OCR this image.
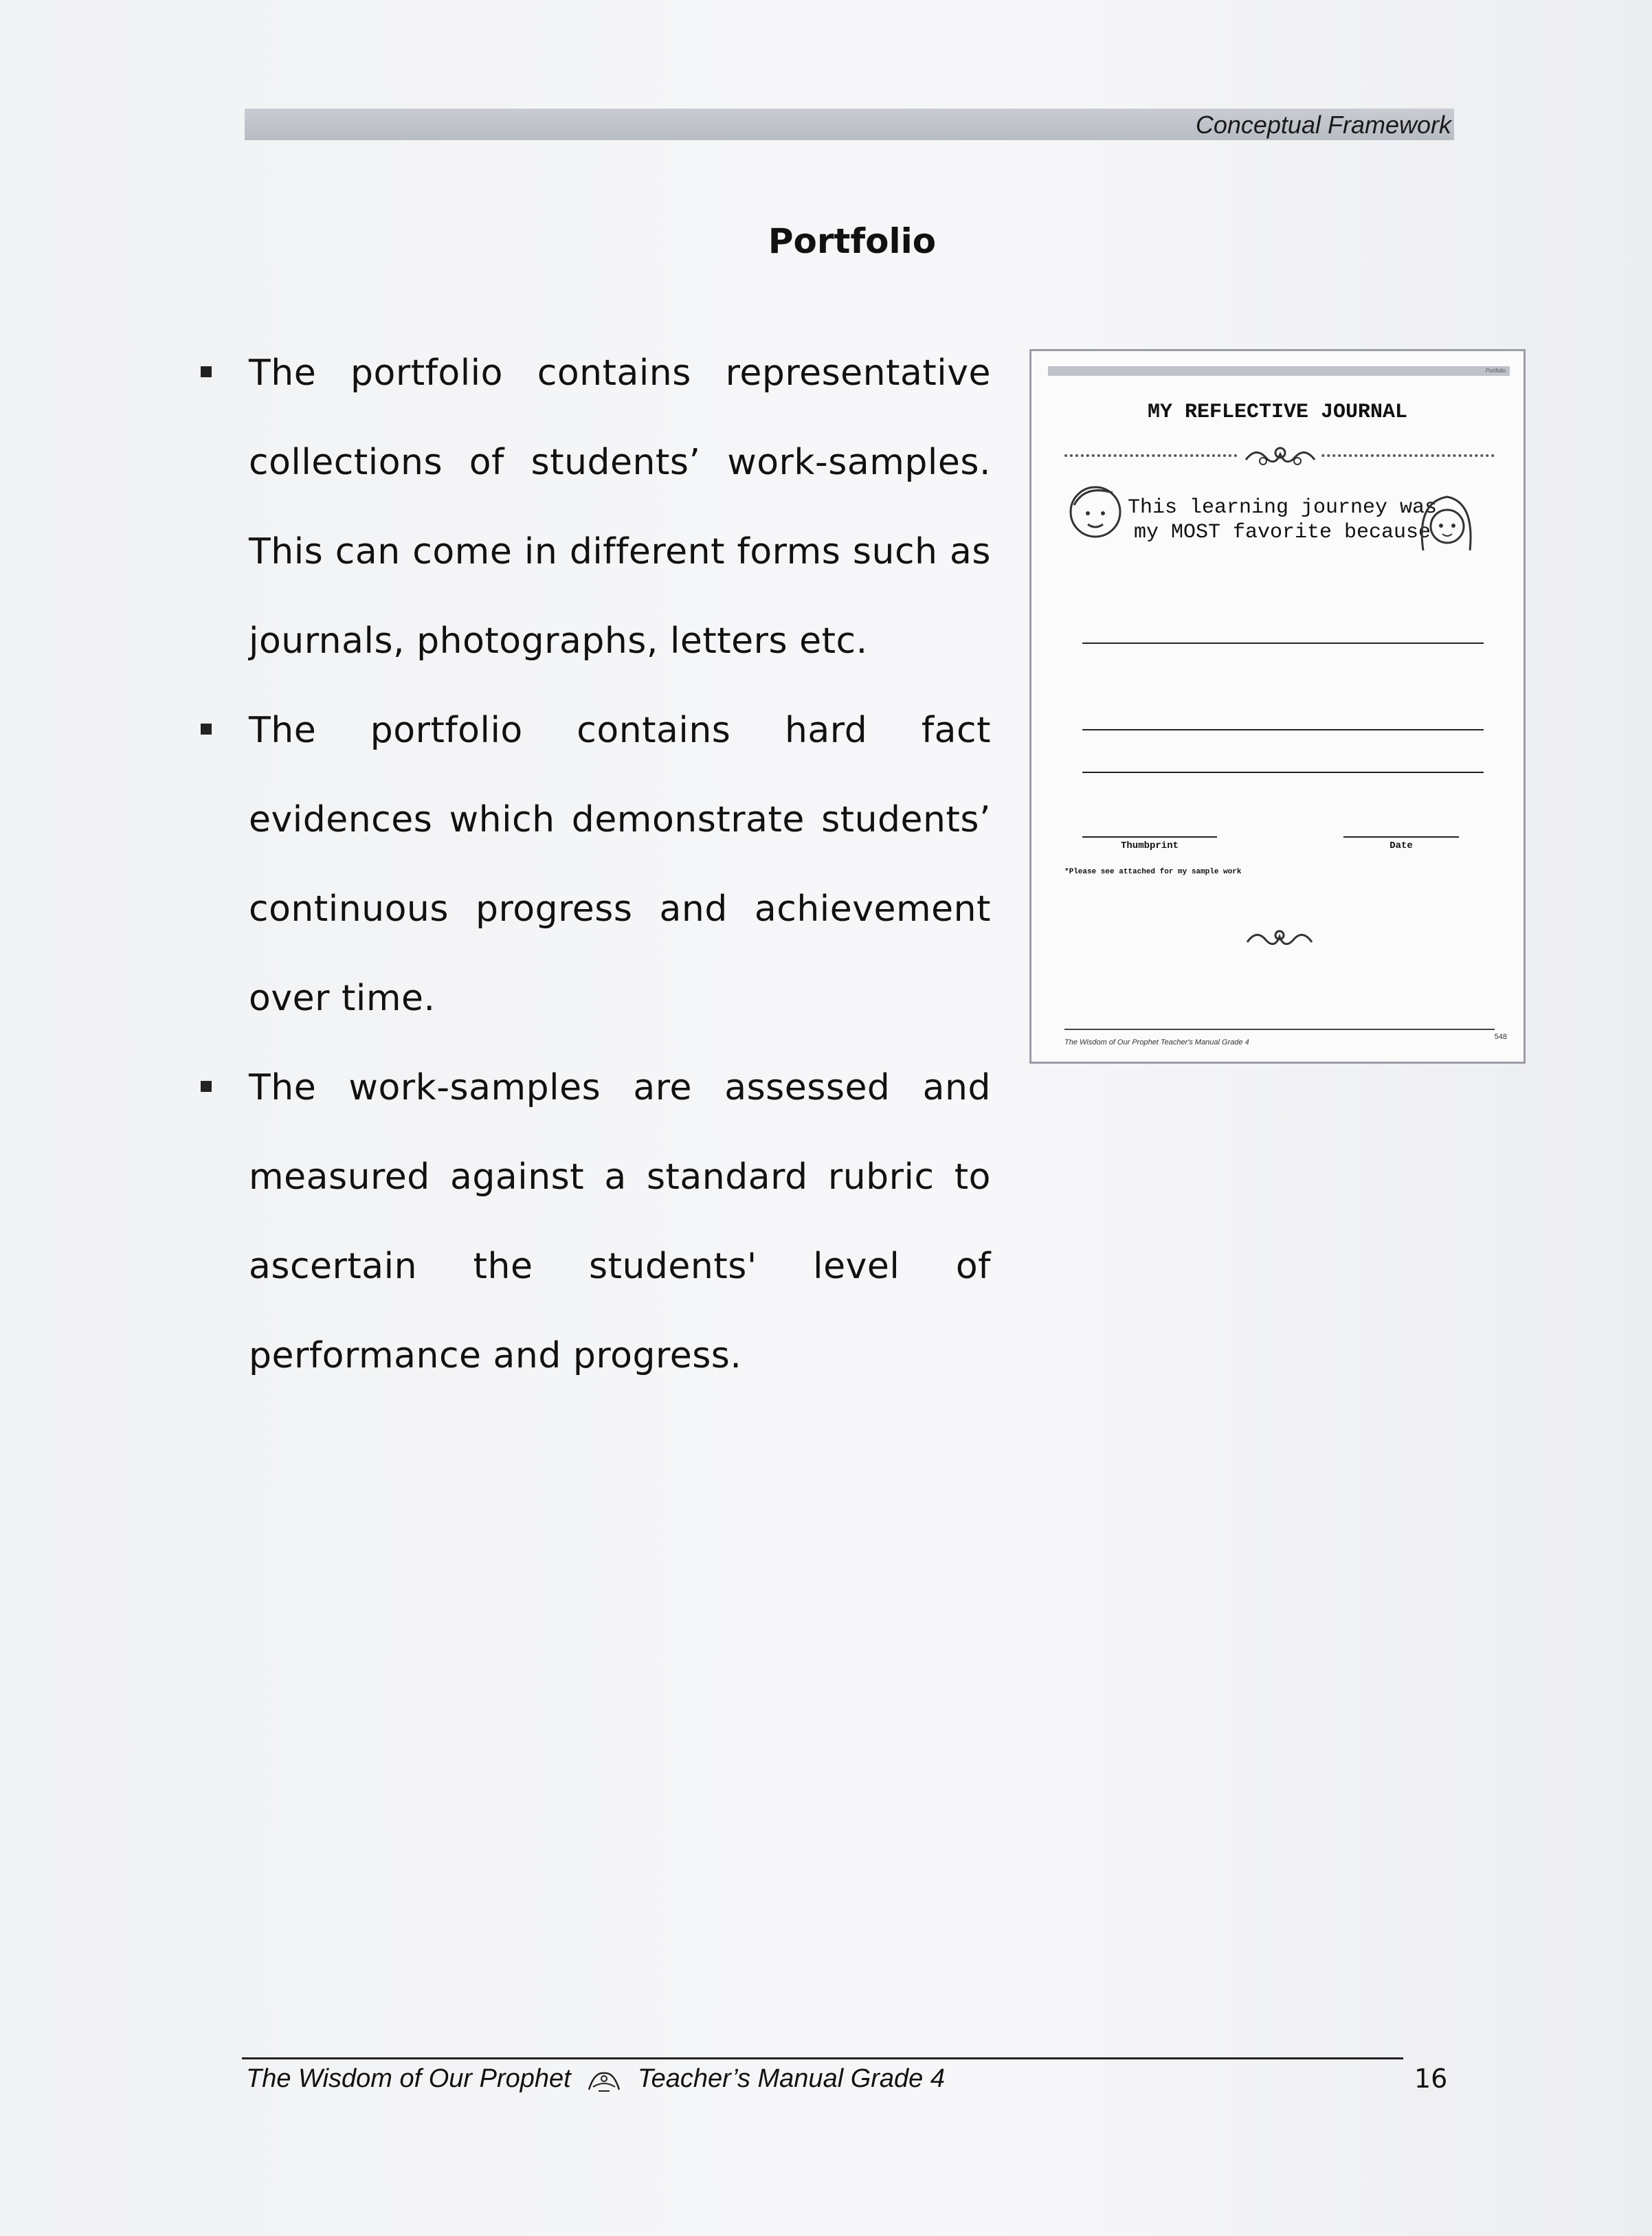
Conceptual Framework
Portfolio
The portfolio contains representative collections of students’ work-samples. This can come in different forms such as journals, photographs, letters etc.
The portfolio contains hard fact evidences which demonstrate students’ continuous progress and achievement over time.
The work-samples are assessed and measured against a standard rubric to ascertain the students' level of performance and progress.
Portfolio
MY REFLECTIVE JOURNAL
This learning journey was my MOST favorite because
Thumbprint	Date
*Please see attached for my sample work
The Wisdom of Our Prophet Teacher's Manual Grade 4
548
The Wisdom of Our Prophet	Teacher’s Manual Grade 4	16
